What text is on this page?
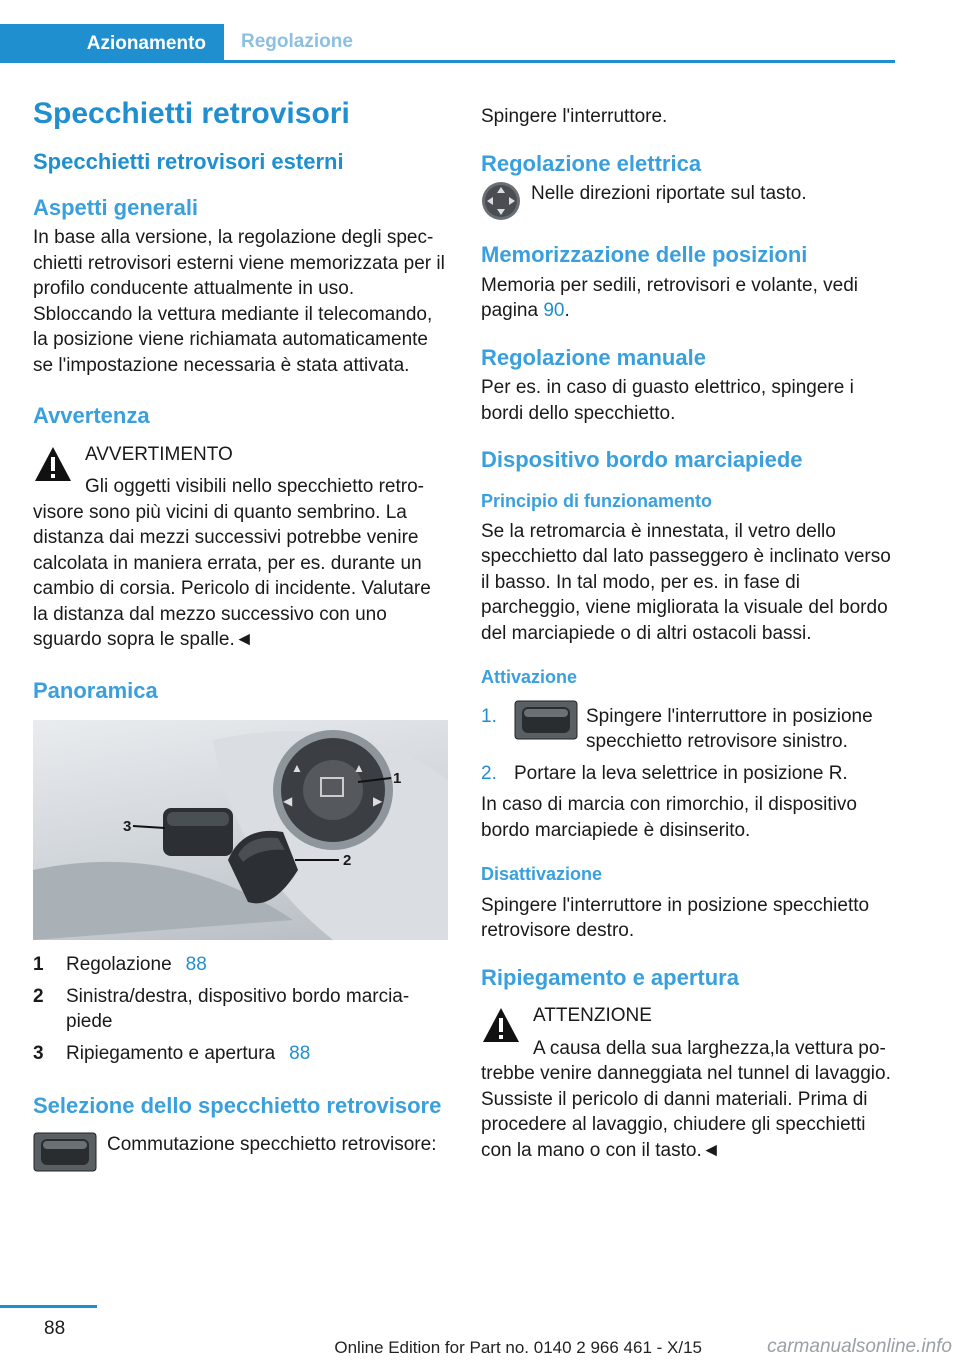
Azionamento Regolazione
Specchietti retrovisori
Specchietti retrovisori esterni
Aspetti generali

In base alla versione, la regolazione degli specchietti retrovisori esterni viene memorizzata per il profilo conducente attualmente in uso. Sbloccando la vettura mediante il telecomando, la posizione viene richiamata automaticamente se l'impostazione necessaria è stata attivata.

Avvertenza

AVVERTIMENTO

Gli oggetti visibili nello specchietto retrovisore sono più vicini di quanto sembrino. La distanza dai mezzi successivi potrebbe venire calcolata in maniera errata, per es. durante un cambio di corsia. Pericolo di incidente. Valutare la distanza dal mezzo successivo con uno sguardo sopra le spalle.◄

Panoramica
▲	▲
◀	▶
1
2
3
1	Regolazione 88
2	Sinistra/destra, dispositivo bordo marciapiede
3	Ripiegamento e apertura 88
Selezione dello specchietto retrovisore

Commutazione specchietto retrovisore:

Spingere l'interruttore.

Regolazione elettrica

Nelle direzioni riportate sul tasto.

Memorizzazione delle posizioni

Memoria per sedili, retrovisori e volante, vedi pagina 90.

Regolazione manuale

Per es. in caso di guasto elettrico, spingere i bordi dello specchietto.

Dispositivo bordo marciapiede
Principio di funzionamento

Se la retromarcia è innestata, il vetro dello specchietto dal lato passeggero è inclinato verso il basso. In tal modo, per es. in fase di parcheggio, viene migliorata la visuale del bordo del marciapiede o di altri ostacoli bassi.

Attivazione
1.	Spingere l'interruttore in posizione specchietto retrovisore sinistro.
2. Portare la leva selettrice in posizione R.

In caso di marcia con rimorchio, il dispositivo bordo marciapiede è disinserito.

Disattivazione

Spingere l'interruttore in posizione specchietto retrovisore destro.

Ripiegamento e apertura

ATTENZIONE

A causa della sua larghezza,la vettura potrebbe venire danneggiata nel tunnel di lavaggio. Sussiste il pericolo di danni materiali. Prima di procedere al lavaggio, chiudere gli specchietti con la mano o con il tasto.◄

88
Online Edition for Part no. 0140 2 966 461 - X/15	carmanualsonline.info
